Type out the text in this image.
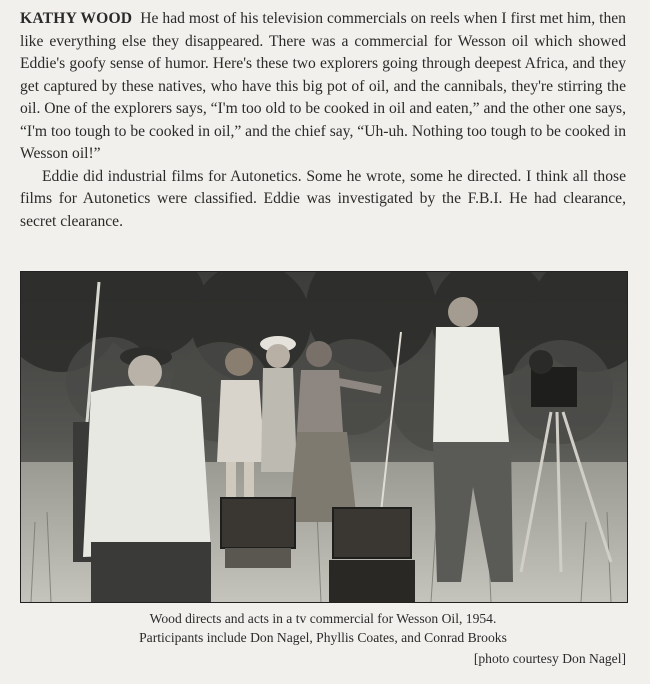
KATHY WOOD He had most of his television commercials on reels when I first met him, then like everything else they disappeared. There was a commercial for Wesson oil which showed Eddie's goofy sense of humor. Here's these two explorers going through deepest Africa, and they get captured by these natives, who have this big pot of oil, and the cannibals, they're stirring the oil. One of the explorers says, “I'm too old to be cooked in oil and eaten,” and the other one says, “I'm too tough to be cooked in oil,” and the chief say, “Uh-uh. Nothing too tough to be cooked in Wesson oil!”

Eddie did industrial films for Autonetics. Some he wrote, some he directed. I think all those films for Autonetics were classified. Eddie was investigated by the F.B.I. He had clearance, secret clearance.

Wood directs and acts in a tv commercial for Wesson Oil, 1954.
Participants include Don Nagel, Phyllis Coates, and Conrad Brooks
[photo courtesy Don Nagel]
